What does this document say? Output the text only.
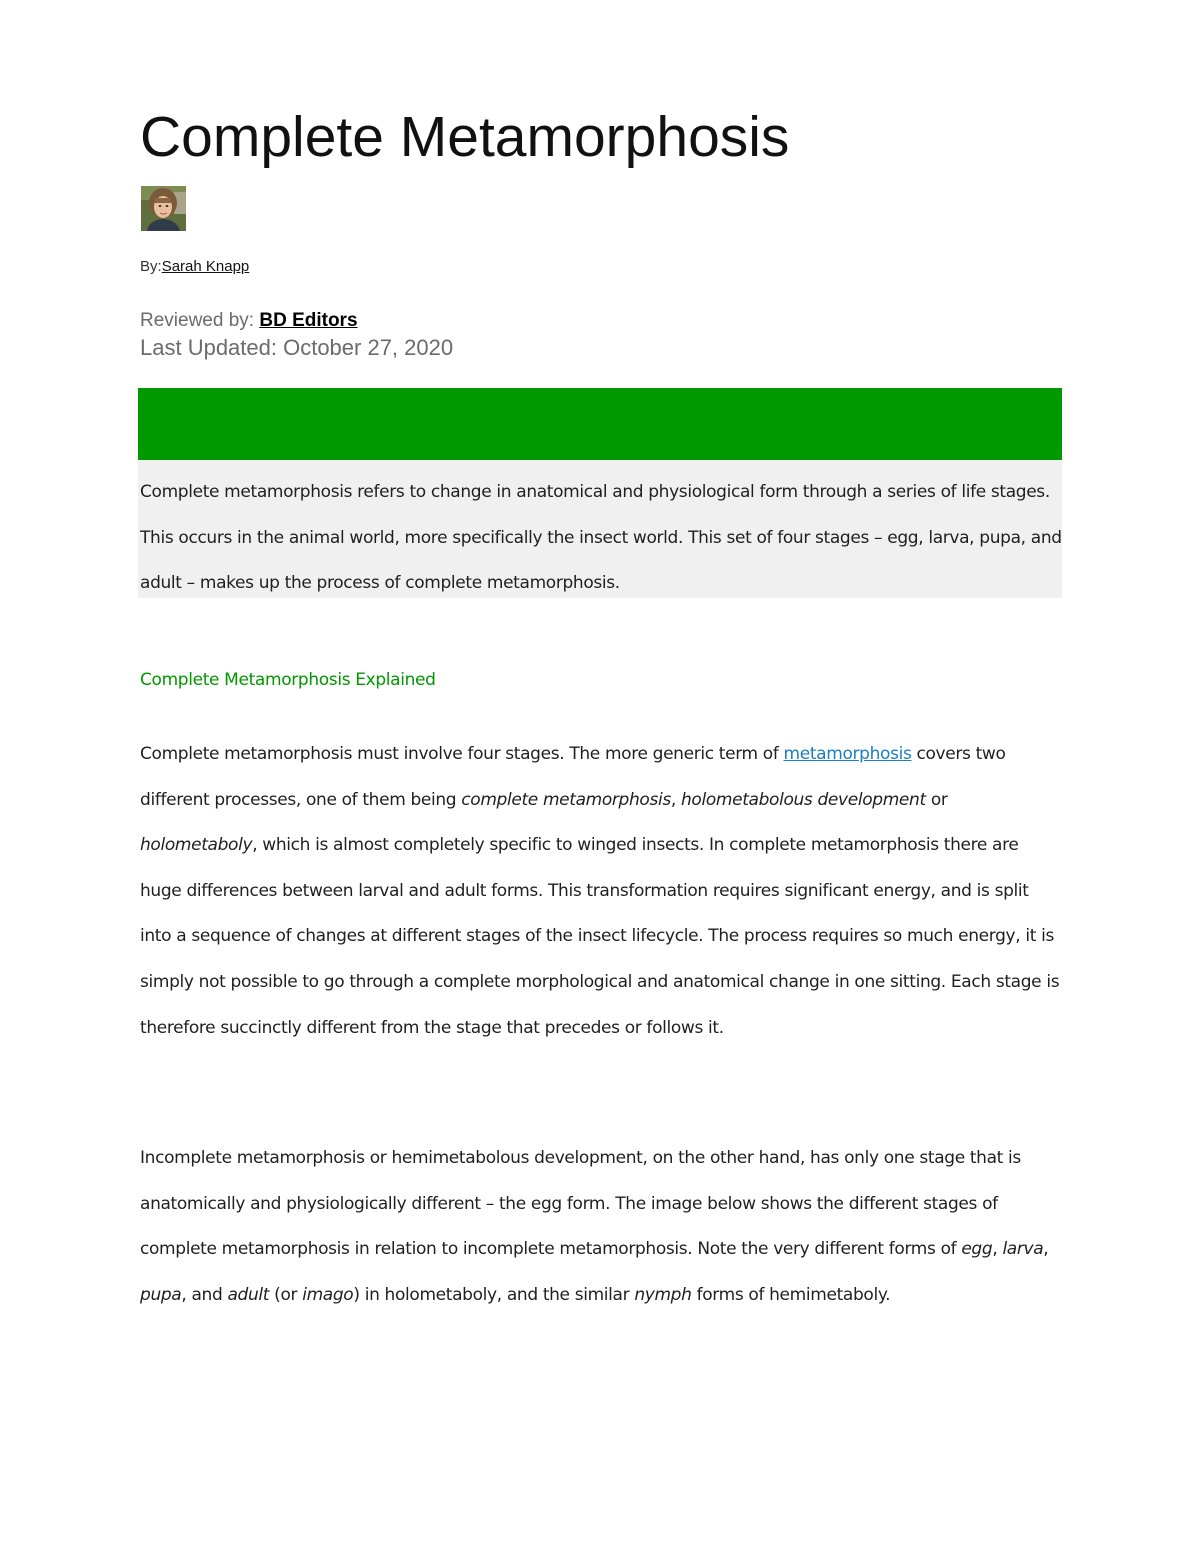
Complete Metamorphosis
By:Sarah Knapp
Reviewed by: BD Editors
Last Updated: October 27, 2020

Complete metamorphosis refers to change in anatomical and physiological form through a series of life stages. This occurs in the animal world, more specifically the insect world. This set of four stages – egg, larva, pupa, and adult – makes up the process of complete metamorphosis.

Complete Metamorphosis Explained

Complete metamorphosis must involve four stages. The more generic term of metamorphosis covers two different processes, one of them being complete metamorphosis, holometabolous development or holometaboly, which is almost completely specific to winged insects. In complete metamorphosis there are huge differences between larval and adult forms. This transformation requires significant energy, and is split into a sequence of changes at different stages of the insect lifecycle. The process requires so much energy, it is simply not possible to go through a complete morphological and anatomical change in one sitting. Each stage is therefore succinctly different from the stage that precedes or follows it.

Incomplete metamorphosis or hemimetabolous development, on the other hand, has only one stage that is anatomically and physiologically different – the egg form. The image below shows the different stages of complete metamorphosis in relation to incomplete metamorphosis. Note the very different forms of egg, larva, pupa, and adult (or imago) in holometaboly, and the similar nymph forms of hemimetaboly.
